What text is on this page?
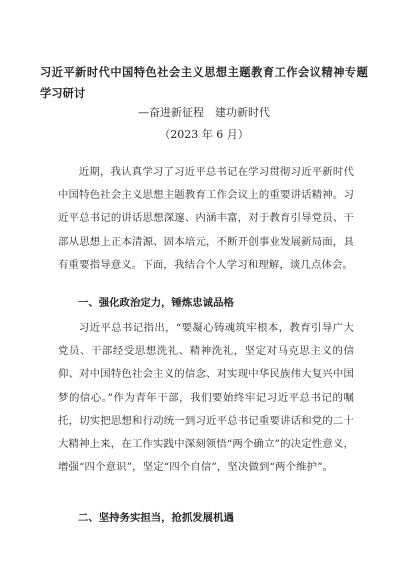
习近平新时代中国特色社会主义思想主题教育工作会议精神专题学习研讨
—奋进新征程　建功新时代
（2023 年 6 月）

近期，我认真学习了习近平总书记在学习贯彻习近平新时代中国特色社会主义思想主题教育工作会议上的重要讲话精神。习近平总书记的讲话思想深邃、内涵丰富，对于教育引导党员、干部从思想上正本清源、固本培元，不断开创事业发展新局面，具有重要指导意义。下面，我结合个人学习和理解，谈几点体会。

一、强化政治定力，锤炼忠诚品格

习近平总书记指出，“要凝心铸魂筑牢根本，教育引导广大党员、干部经受思想洗礼、精神洗礼，坚定对马克思主义的信仰、对中国特色社会主义的信念、对实现中华民族伟大复兴中国梦的信心。”作为青年干部，我们要始终牢记习近平总书记的嘱托，切实把思想和行动统一到习近平总书记重要讲话和党的二十大精神上来，在工作实践中深刻领悟“两个确立”的决定性意义，增强“四个意识”，坚定“四个自信”，坚决做到“两个维护”。

二、坚持务实担当，抢抓发展机遇
